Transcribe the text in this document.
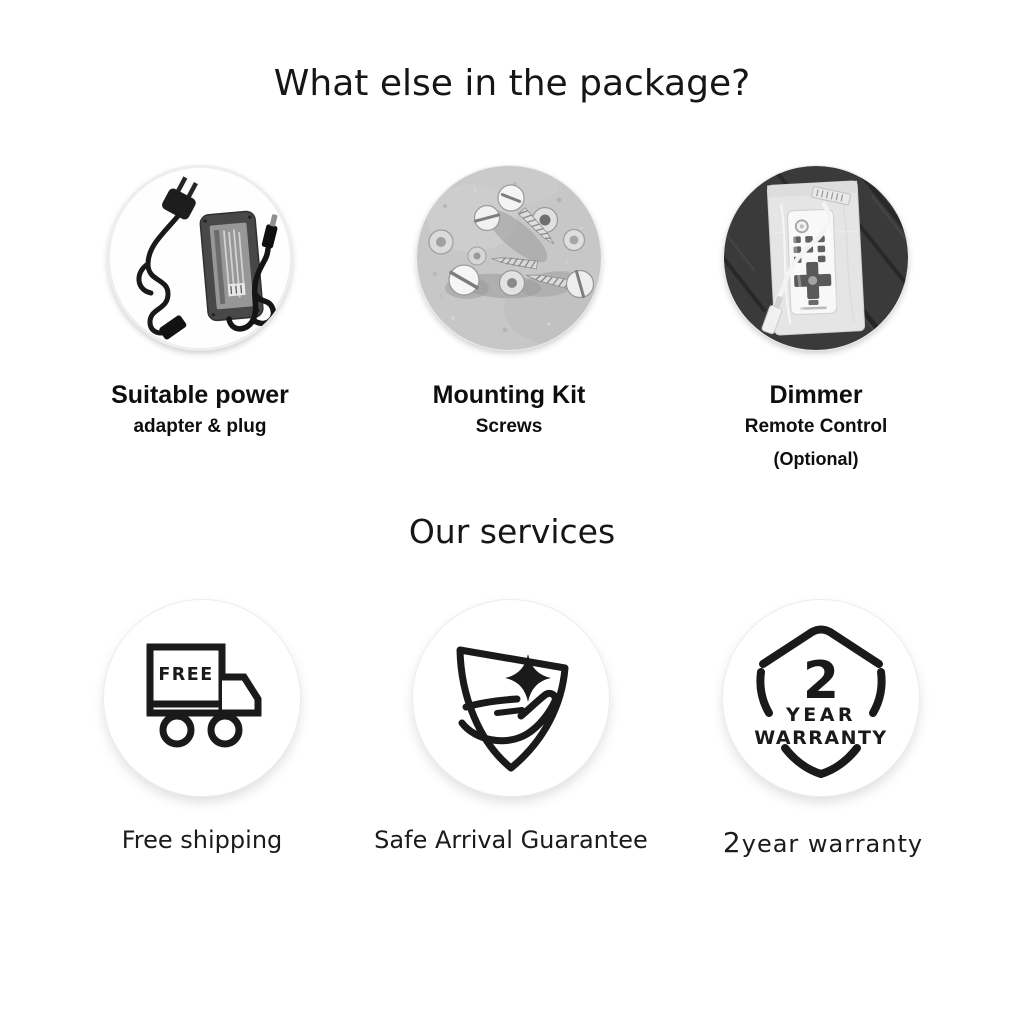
What else in the package?
Suitable power
adapter & plug
Mounting Kit
Screws
Dimmer
Remote Control
(Optional)
Our services
FREE	2
YEAR
WARRANTY
Free shipping	Safe Arrival Guarantee	2year warranty
